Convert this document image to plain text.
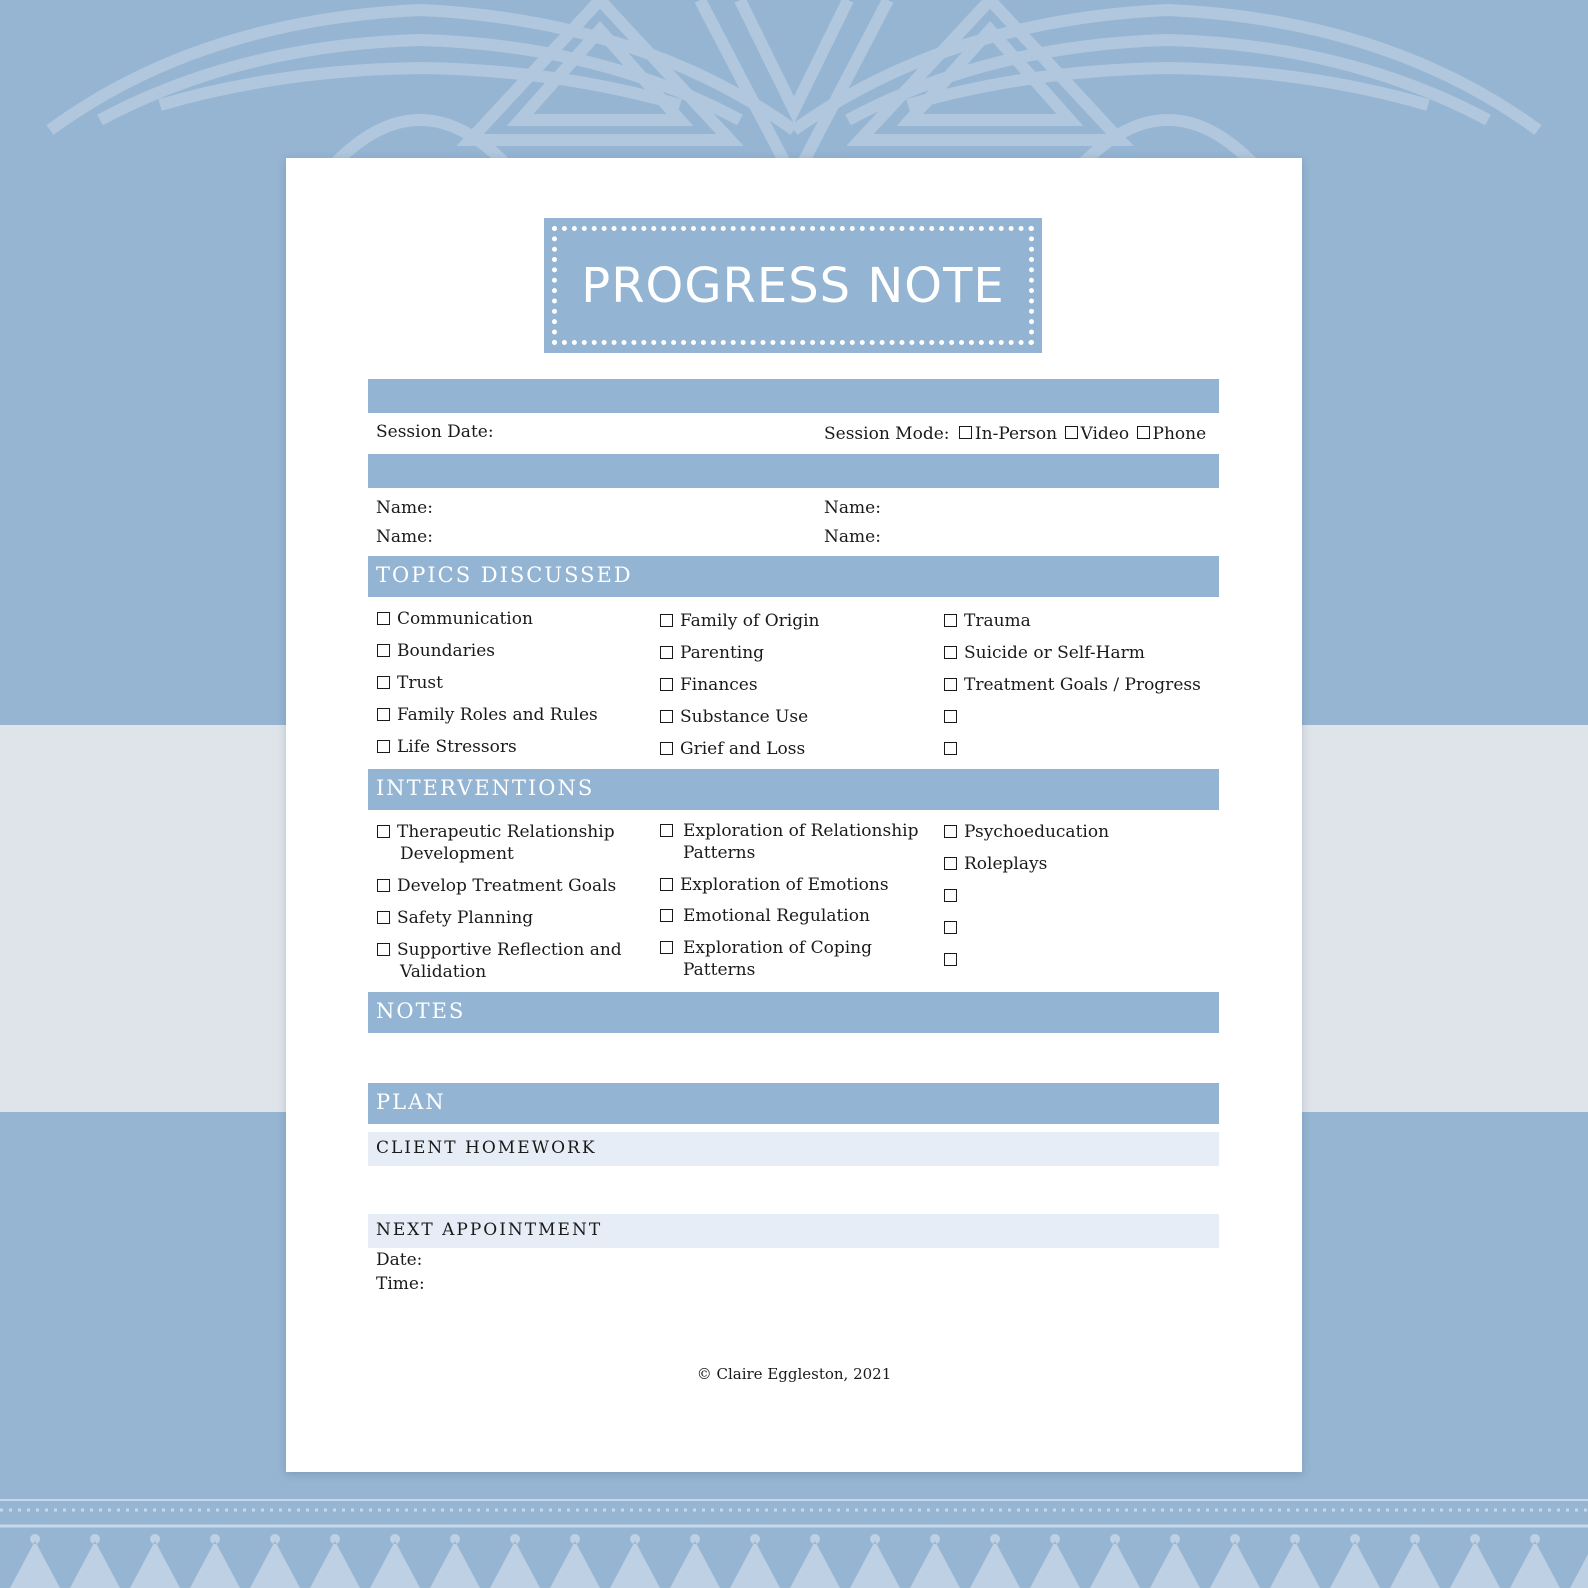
PROGRESS NOTE
Session Date:	Session Mode: In-Person Video Phone
Name:	Name:
Name:	Name:
TOPICS DISCUSSED
Communication
Boundaries
Trust
Family Roles and Rules
Life Stressors
Family of Origin
Parenting
Finances
Substance Use
Grief and Loss
Trauma
Suicide or Self-Harm
Treatment Goals / Progress
INTERVENTIONS
Therapeutic Relationship
Development
Develop Treatment Goals
Safety Planning
Supportive Reflection and
Validation
Exploration of Relationship
Patterns
Exploration of Emotions
Emotional Regulation
Exploration of Coping
Patterns
Psychoeducation
Roleplays
NOTES
PLAN
CLIENT HOMEWORK
NEXT APPOINTMENT
Date:
Time:
© Claire Eggleston, 2021
